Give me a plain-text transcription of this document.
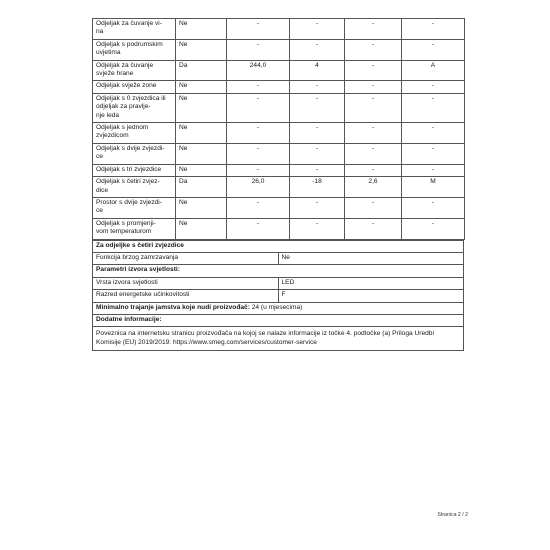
Odjeljak za čuvanje vi-
na	Ne	-	-	-	-
Odjeljak s podrumskim uvjetima	Ne	-	-	-	-
Odjeljak za čuvanje svježe hrane	Da	244,0	4	-	A
Odjeljak svježe zone	Ne	-	-	-	-
Odjeljak s 0 zvjezdica ili odjeljak za pravlje-
nje leda	Ne	-	-	-	-
Odjeljak s jednom zvjezdicom	Ne	-	-	-	-
Odjeljak s dvije zvjezdi-
ce	Ne	-	-	-	-
Odjeljak s tri zvjezdice	Ne	-	-	-	-
Odjeljak s četiri zvjez-
dice	Da	26,0	-18	2,6	M
Prostor s dvije zvjezdi-
ce	Ne	-	-	-	-
Odjeljak s promjenji-
vom temperaturom	Ne	-	-	-	-
Za odjeljke s četiri zvjezdice	
Funkcija brzog zamrzavanja	Ne
Parametri izvora svjetlosti:	
Vrsta izvora svjetlosti	LED
Razred energetske učinkovitosti	F
Minimalno trajanje jamstva koje nudi proizvođač: 24 (u mjesecima)	
Dodatne informacije:	
Poveznica na internetsku stranicu proizvođača na kojoj se nalaze informacije iz točke 4. podtočke (a) Priloga Uredbi Komisije (EU) 2019/2019: https://www.smeg.com/services/customer-service	
Stranica 2 / 2
